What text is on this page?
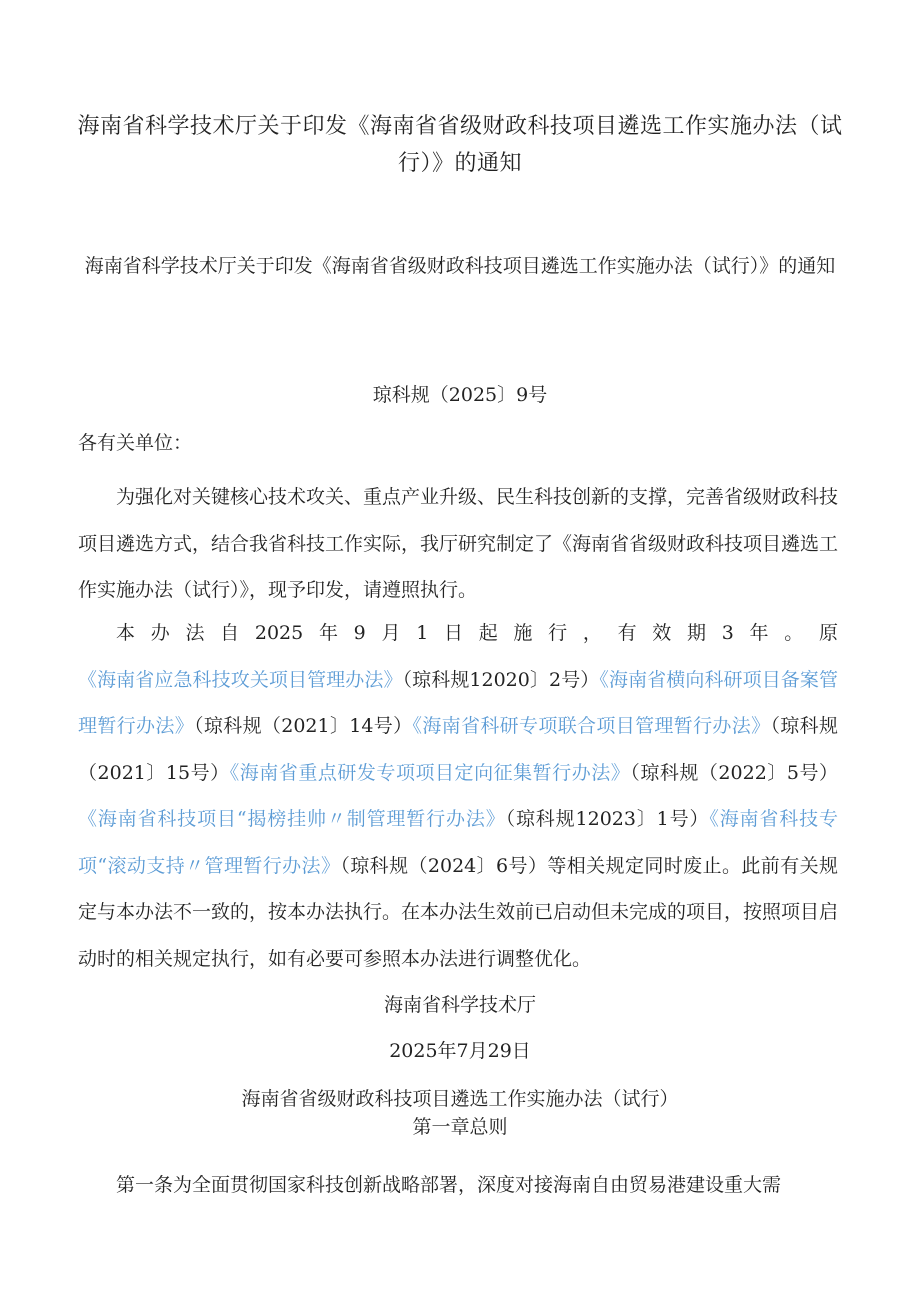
海南省科学技术厅关于印发《海南省省级财政科技项目遴选工作实施办法（试行）》的通知
海南省科学技术厅关于印发《海南省省级财政科技项目遴选工作实施办法（试行）》的通知
琼科规（2025〕9号
各有关单位：
为强化对关键核心技术攻关、重点产业升级、民生科技创新的支撑，完善省级财政科技项目遴选方式，结合我省科技工作实际，我厅研究制定了《海南省省级财政科技项目遴选工作实施办法（试行）》，现予印发，请遵照执行。
本办法自2025年9月1日起施行，有效期3年。原《海南省应急科技攻关项目管理办法》（琼科规12020〕2号）《海南省横向科研项目备案管理暂行办法》（琼科规（2021〕14号）《海南省科研专项联合项目管理暂行办法》（琼科规（2021〕15号）《海南省重点研发专项项目定向征集暂行办法》（琼科规（2022〕5号）《海南省科技项目“揭榜挂帅〃制管理暂行办法》（琼科规12023〕1号）《海南省科技专项“滚动支持〃管理暂行办法》（琼科规（2024〕6号）等相关规定同时废止。此前有关规定与本办法不一致的，按本办法执行。在本办法生效前已启动但未完成的项目，按照项目启动时的相关规定执行，如有必要可参照本办法进行调整优化。
海南省科学技术厅
2025年7月29日
海南省省级财政科技项目遴选工作实施办法（试行）
第一章总则
第一条为全面贯彻国家科技创新战略部署，深度对接海南自由贸易港建设重大需
